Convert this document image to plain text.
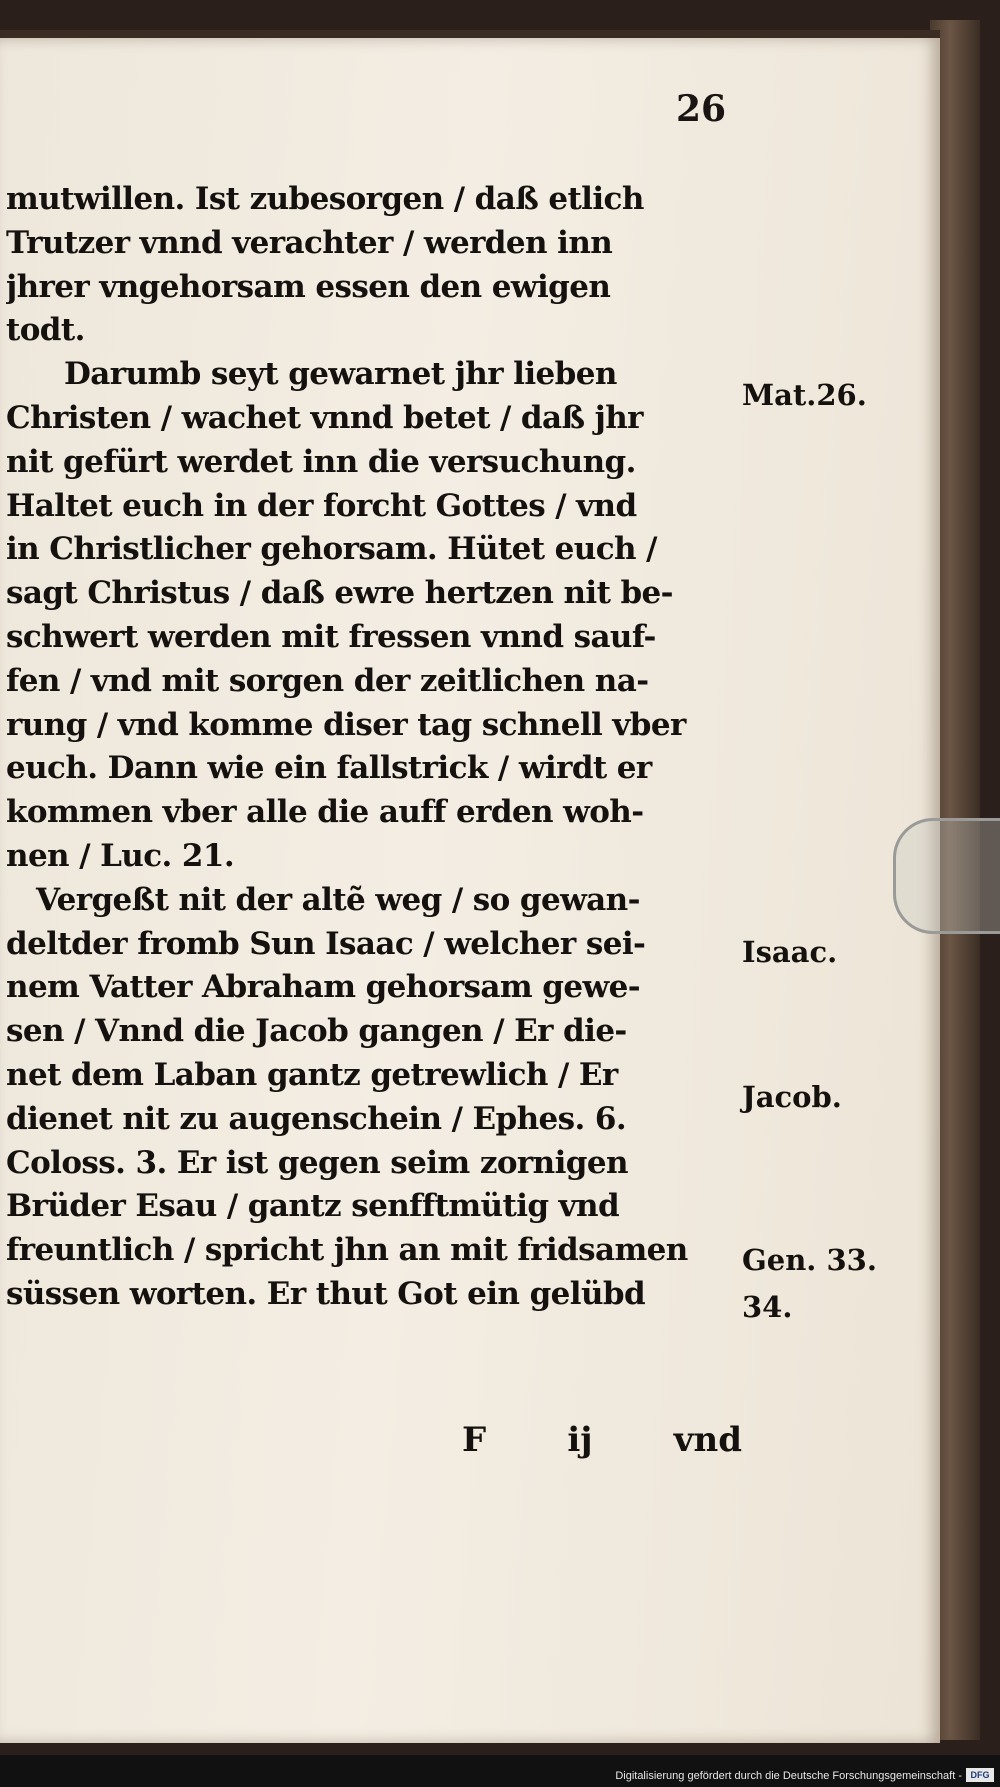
26
mutwillen. Ist zubesorgen / daß etlich
Trutzer vnnd verachter / werden inn
jhrer vngehorsam essen den ewigen
todt.
Darumb seyt gewarnet jhr lieben
Christen / wachet vnnd betet / daß jhr
nit gefürt werdet inn die versuchung.
Haltet euch in der forcht Gottes / vnd
in Christlicher gehorsam. Hütet euch /
sagt Christus / daß ewre hertzen nit be-
schwert werden mit fressen vnnd sauf-
fen / vnd mit sorgen der zeitlichen na-
rung / vnd komme diser tag schnell vber
euch. Dann wie ein fallstrick / wirdt er
kommen vber alle die auff erden woh-
nen / Luc. 21.
Vergeßt nit der altẽ weg / so gewan-
deltder fromb Sun Isaac / welcher sei-
nem Vatter Abraham gehorsam gewe-
sen / Vnnd die Jacob gangen / Er die-
net dem Laban gantz getrewlich / Er
dienet nit zu augenschein / Ephes. 6.
Coloss. 3. Er ist gegen seim zornigen
Brüder Esau / gantz senfftmütig vnd
freuntlich / spricht jhn an mit fridsamen
süssen worten. Er thut Got ein gelübd
Mat.26.
Isaac.
Jacob.
Gen. 33.
34.
F ij vnd
Digitalisierung gefördert durch die Deutsche Forschungsgemeinschaft - DFG
